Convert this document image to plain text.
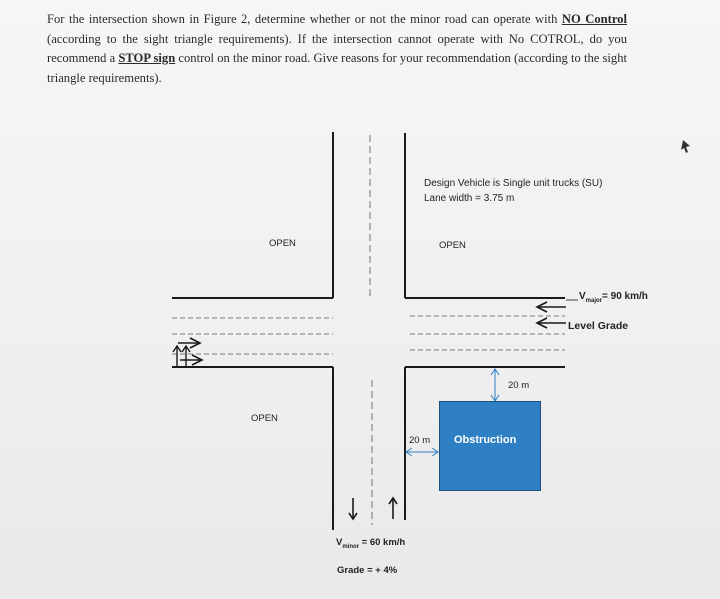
For the intersection shown in Figure 2, determine whether or not the minor road can operate with NO Control (according to the sight triangle requirements). If the intersection cannot operate with No COTROL, do you recommend a STOP sign control on the minor road. Give reasons for your recommendation (according to the sight triangle requirements).
Design Vehicle is Single unit trucks (SU)
Lane width = 3.75 m
OPEN	OPEN
OPEN
$V_{major}= 90$ km/h
Level Grade
20 m
20 m Obstruction
$V_{minor} = 60$ km/h
Grade = + 4%
